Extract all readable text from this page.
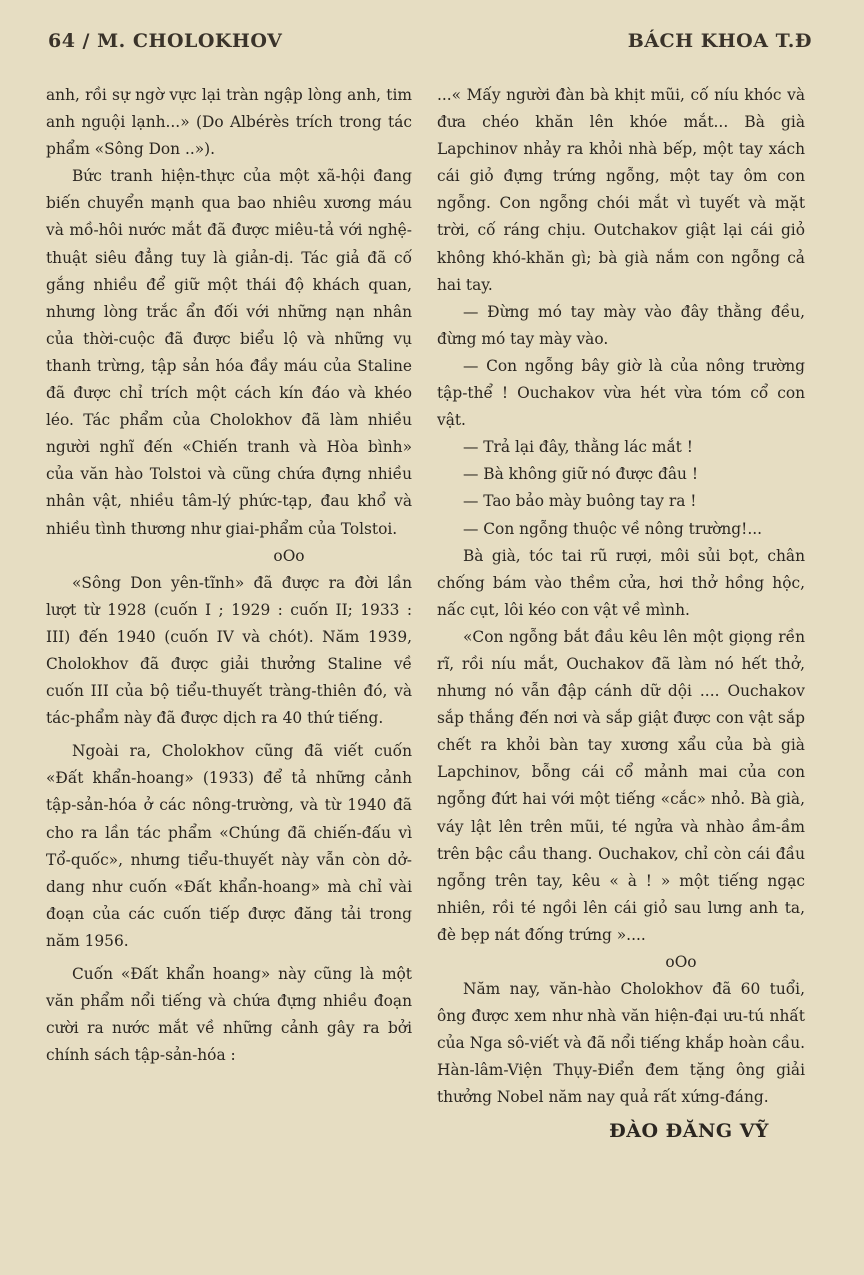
64 / M. CHOLOKHOV	BÁCH KHOA T.Đ

anh, rồi sự ngờ vực lại tràn ngập lòng anh, tim anh nguội lạnh...» (Do Albérès trích trong tác phẩm «Sông Don ..»).

Bức tranh hiện-thực của một xã-hội đang biến chuyển mạnh qua bao nhiêu xương máu và mồ-hôi nước mắt đã được miêu-tả với nghệ-thuật siêu đẳng tuy là giản-dị. Tác giả đã cố gắng nhiều để giữ một thái độ khách quan, nhưng lòng trắc ẩn đối với những nạn nhân của thời-cuộc đã được biểu lộ và những vụ thanh trừng, tập sản hóa đầy máu của Staline đã được chỉ trích một cách kín đáo và khéo léo. Tác phẩm của Cholokhov đã làm nhiều người nghĩ đến «Chiến tranh và Hòa bình» của văn hào Tolstoi và cũng chứa đựng nhiều nhân vật, nhiều tâm-lý phức-tạp, đau khổ và nhiều tình thương như giai-phẩm của Tolstoi.

oOo

«Sông Don yên-tĩnh» đã được ra đời lần lượt từ 1928 (cuốn I ; 1929 : cuốn II; 1933 : III) đến 1940 (cuốn IV và chót). Năm 1939, Cholokhov đã được giải thưởng Staline về cuốn III của bộ tiểu-thuyết tràng-thiên đó, và tác-phẩm này đã được dịch ra 40 thứ tiếng.

Ngoài ra, Cholokhov cũng đã viết cuốn «Đất khẩn-hoang» (1933) để tả những cảnh tập-sản-hóa ở các nông-trường, và từ 1940 đã cho ra lần tác phẩm «Chúng đã chiến-đấu vì Tổ-quốc», nhưng tiểu-thuyết này vẫn còn dở-dang như cuốn «Đất khẩn-hoang» mà chỉ vài đoạn của các cuốn tiếp được đăng tải trong năm 1956.

Cuốn «Đất khẩn hoang» này cũng là một văn phẩm nổi tiếng và chứa đựng nhiều đoạn cười ra nước mắt về những cảnh gây ra bởi chính sách tập-sản-hóa :

...« Mấy người đàn bà khịt mũi, cố níu khóc và đưa chéo khăn lên khóe mắt... Bà già Lapchinov nhảy ra khỏi nhà bếp, một tay xách cái giỏ đựng trứng ngỗng, một tay ôm con ngỗng. Con ngỗng chói mắt vì tuyết và mặt trời, cố ráng chịu. Outchakov giật lại cái giỏ không khó-khăn gì; bà già nắm con ngỗng cả hai tay.

— Đừng mó tay mày vào đây thằng đều, đừng mó tay mày vào.

— Con ngỗng bây giờ là của nông trường tập-thể ! Ouchakov vừa hét vừa tóm cổ con vật.

— Trả lại đây, thằng lác mắt !

— Bà không giữ nó được đâu !

— Tao bảo mày buông tay ra !

— Con ngỗng thuộc về nông trường!...

Bà già, tóc tai rũ rượi, môi sủi bọt, chân chống bám vào thềm cửa, hơi thở hồng hộc, nấc cụt, lôi kéo con vật về mình.

«Con ngỗng bắt đầu kêu lên một giọng rền rĩ, rồi níu mắt, Ouchakov đã làm nó hết thở, nhưng nó vẫn đập cánh dữ dội .... Ouchakov sắp thắng đến nơi và sắp giật được con vật sắp chết ra khỏi bàn tay xương xẩu của bà già Lapchinov, bỗng cái cổ mảnh mai của con ngỗng đứt hai với một tiếng «cắc» nhỏ. Bà già, váy lật lên trên mũi, té ngửa và nhào ầm-ầm trên bậc cầu thang. Ouchakov, chỉ còn cái đầu ngỗng trên tay, kêu « à ! » một tiếng ngạc nhiên, rồi té ngồi lên cái giỏ sau lưng anh ta, đè bẹp nát đống trứng »....

oOo

Năm nay, văn-hào Cholokhov đã 60 tuổi, ông được xem như nhà văn hiện-đại ưu-tú nhất của Nga sô-viết và đã nổi tiếng khắp hoàn cầu. Hàn-lâm-Viện Thụy-Điển đem tặng ông giải thưởng Nobel năm nay quả rất xứng-đáng.

ĐÀO ĐĂNG VỸ
